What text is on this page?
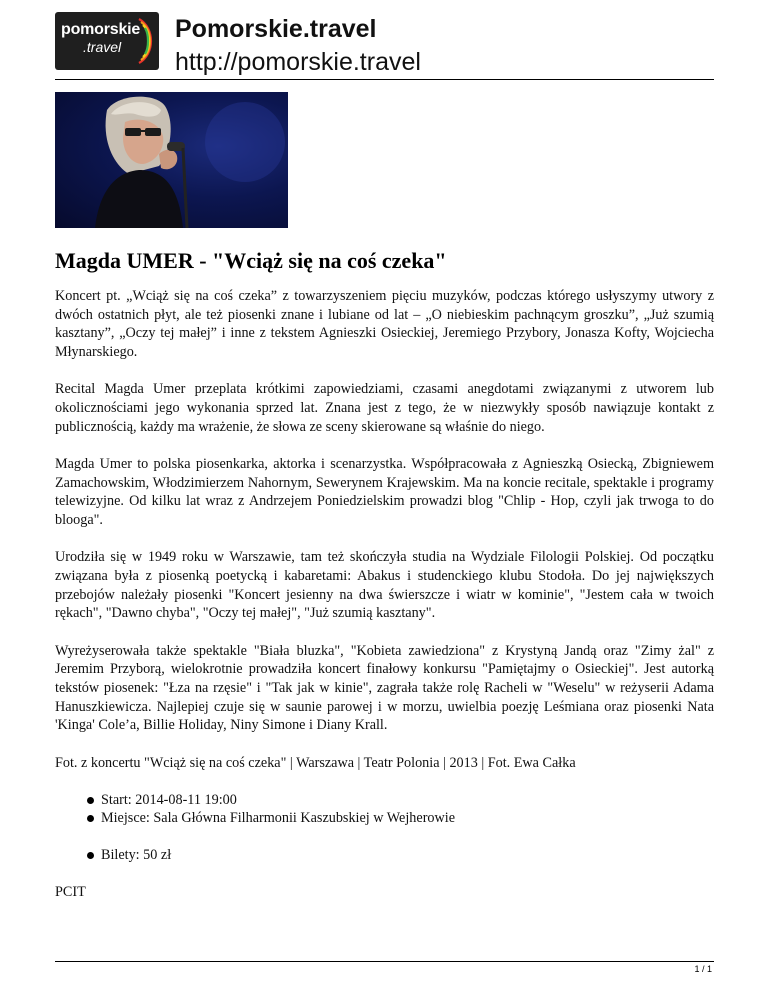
pomorskie
.travel
Pomorskie.travel
http://pomorskie.travel
Magda UMER - "Wciąż się na coś czeka"

Koncert pt. „Wciąż się na coś czeka” z towarzyszeniem pięciu muzyków, podczas którego usłyszymy utwory z dwóch ostatnich płyt, ale też piosenki znane i lubiane od lat – „O niebieskim pachnącym groszku”, „Już szumią kasztany”, „Oczy tej małej” i inne z tekstem Agnieszki Osieckiej, Jeremiego Przybory, Jonasza Kofty, Wojciecha Młynarskiego.

Recital Magda Umer przeplata krótkimi zapowiedziami, czasami anegdotami związanymi z utworem lub okolicznościami jego wykonania sprzed lat. Znana jest z tego, że w niezwykły sposób nawiązuje kontakt z publicznością, każdy ma wrażenie, że słowa ze sceny skierowane są właśnie do niego.

Magda Umer to polska piosenkarka, aktorka i scenarzystka. Współpracowała z Agnieszką Osiecką, Zbigniewem Zamachowskim, Włodzimierzem Nahornym, Sewerynem Krajewskim. Ma na koncie recitale, spektakle i programy telewizyjne. Od kilku lat wraz z Andrzejem Poniedzielskim prowadzi blog "Chlip - Hop, czyli jak trwoga to do blooga".

Urodziła się w 1949 roku w Warszawie, tam też skończyła studia na Wydziale Filologii Polskiej. Od początku związana była z piosenką poetycką i kabaretami: Abakus i studenckiego klubu Stodoła. Do jej największych przebojów należały piosenki "Koncert jesienny na dwa świerszcze i wiatr w kominie", "Jestem cała w twoich rękach", "Dawno chyba", "Oczy tej małej", "Już szumią kasztany".

Wyreżyserowała także spektakle "Biała bluzka", "Kobieta zawiedziona" z Krystyną Jandą oraz "Zimy żal" z Jeremim Przyborą, wielokrotnie prowadziła koncert finałowy konkursu "Pamiętajmy o Osieckiej". Jest autorką tekstów piosenek: "Łza na rzęsie" i "Tak jak w kinie", zagrała także rolę Racheli w "Weselu" w reżyserii Adama Hanuszkiewicza. Najlepiej czuje się w saunie parowej i w morzu, uwielbia poezję Leśmiana oraz piosenki Nata 'Kinga' Cole’a, Billie Holiday, Niny Simone i Diany Krall.

Fot. z koncertu "Wciąż się na coś czeka" | Warszawa | Teatr Polonia | 2013 | Fot. Ewa Całka

Start: 2014-08-11 19:00
Miejsce: Sala Główna Filharmonii Kaszubskiej w Wejherowie
Bilety: 50 zł

PCIT

1 / 1
